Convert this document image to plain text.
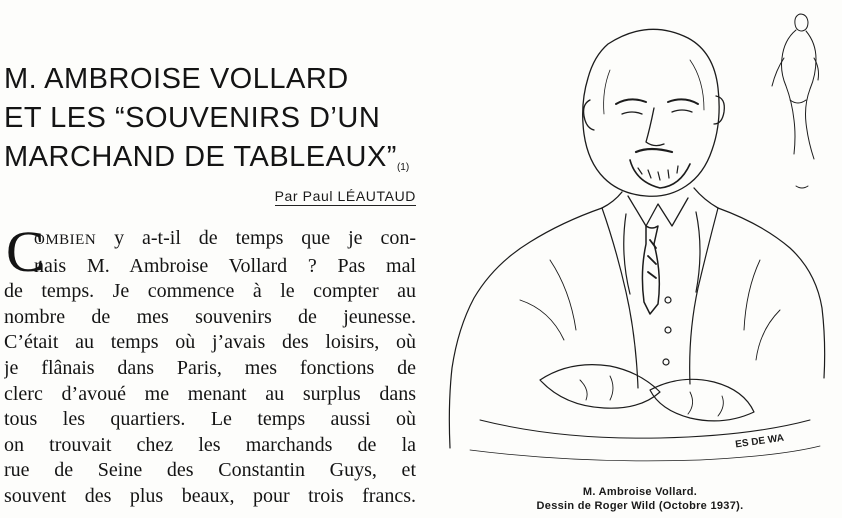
M. AMBROISE VOLLARD
ET LES “SOUVENIRS D’UN
MARCHAND DE TABLEAUX”(1)
Par Paul LÉAUTAUD
C
OMBIEN y a-t-il de temps que je con-
nais M. Ambroise Vollard ? Pas mal
de temps. Je commence à le compter au
nombre de mes souvenirs de jeunesse.
C’était au temps où j’avais des loisirs, où
je flânais dans Paris, mes fonctions de
clerc d’avoué me menant au surplus dans
tous les quartiers. Le temps aussi où
on trouvait chez les marchands de la
rue de Seine des Constantin Guys, et
souvent des plus beaux, pour trois francs.
ES DE WA
M. Ambroise Vollard.
Dessin de Roger Wild (Octobre 1937).
